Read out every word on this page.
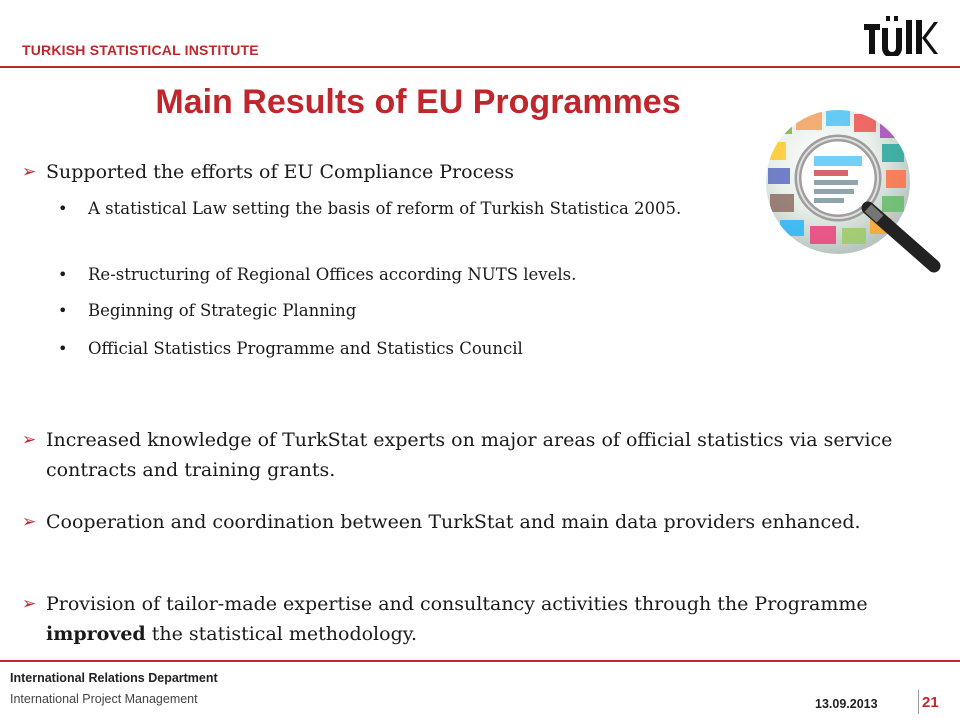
TURKISH STATISTICAL INSTITUTE
Main Results of EU Programmes
➢ Supported the efforts of EU Compliance Process
• A statistical Law setting the basis of reform of Turkish Statistica 2005.
• Re-structuring of Regional Offices according NUTS levels.
• Beginning of Strategic Planning
• Official Statistics Programme and Statistics Council
➢ Increased knowledge of TurkStat experts on major areas of official statistics via service contracts and training grants.
➢ Cooperation and coordination between TurkStat and main data providers enhanced.
➢ Provision of tailor-made expertise and consultancy activities through the Programme improved the statistical methodology.
International Relations Department
International Project Management	13.09.2013	21
